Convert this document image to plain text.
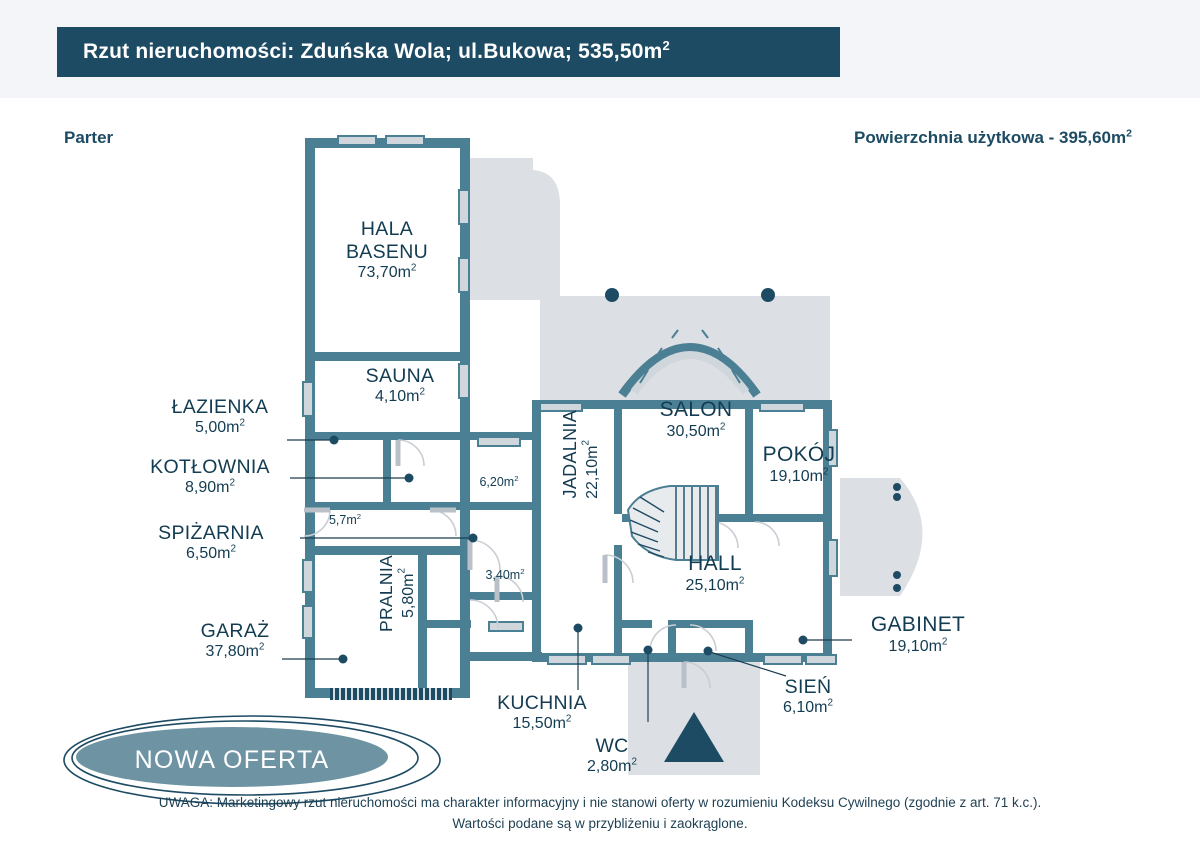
Rzut nieruchomości: Zduńska Wola; ul.Bukowa; $535,50m^2$
Parter	Powierzchnia użytkowa - $395,60m^2$
HALA
BASENU
$73,70m^2$
SAUNA
$4,10m^2$
ŁAZIENKA
$5,00m^2$
KOTŁOWNIA
$8,90m^2$
SPIŻARNIA
$6,50m^2$
GARAŻ
$37,80m^2$
PRALNIA $5,80m^2$
KUCHNIA
$15,50m^2$
WC
$2,80m^2$
SIEŃ
$6,10m^2$
HALL
$25,10m^2$
JADALNIA $22,10m^2$
SALON
$30,50m^2$
POKÓJ
$19,10m^2$
GABINET
$19,10m^2$
$6,20m^2$
$5,7m^2$
$3,40m^2$
NOWA OFERTA
UWAGA: Marketingowy rzut nieruchomości ma charakter informacyjny i nie stanowi oferty w rozumieniu Kodeksu Cywilnego (zgodnie z art. 71 k.c.).
Wartości podane są w przybliżeniu i zaokrąglone.
